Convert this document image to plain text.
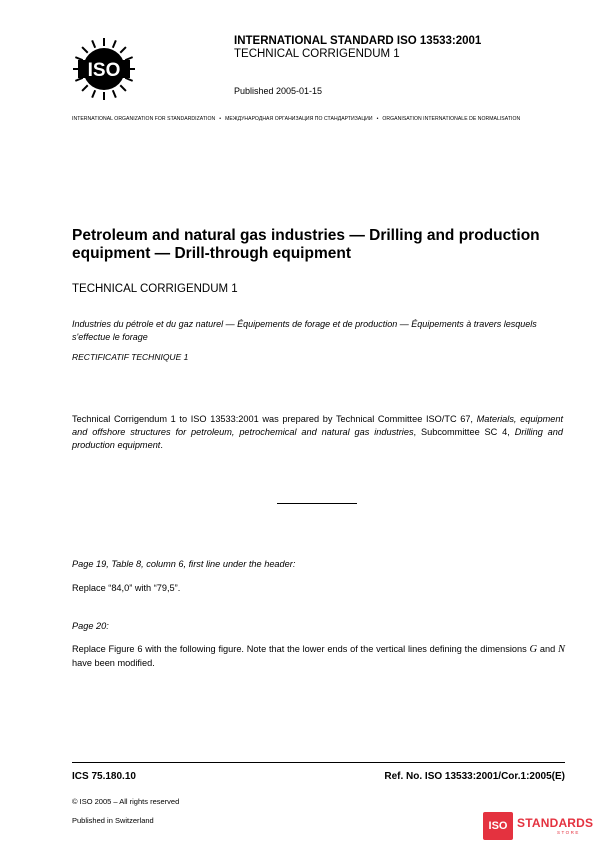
ISO
INTERNATIONAL STANDARD ISO 13533:2001
TECHNICAL CORRIGENDUM 1
Published 2005-01-15
INTERNATIONAL ORGANIZATION FOR STANDARDIZATION • МЕЖДУНАРОДНАЯ ОРГАНИЗАЦИЯ ПО СТАНДАРТИЗАЦИИ • ORGANISATION INTERNATIONALE DE NORMALISATION
Petroleum and natural gas industries — Drilling and production equipment — Drill-through equipment
TECHNICAL CORRIGENDUM 1
Industries du pétrole et du gaz naturel — Équipements de forage et de production — Équipements à travers lesquels s'effectue le forage
RECTIFICATIF TECHNIQUE 1
Technical Corrigendum 1 to ISO 13533:2001 was prepared by Technical Committee ISO/TC 67, Materials, equipment and offshore structures for petroleum, petrochemical and natural gas industries, Subcommittee SC 4, Drilling and production equipment.
Page 19, Table 8, column 6, first line under the header:
Replace “84,0” with “79,5”.
Page 20:
Replace Figure 6 with the following figure. Note that the lower ends of the vertical lines defining the dimensions G and N have been modified.
ICS 75.180.10	Ref. No. ISO 13533:2001/Cor.1:2005(E)
© ISO 2005 – All rights reserved
Published in Switzerland	ISO STANDARDS
STORE
